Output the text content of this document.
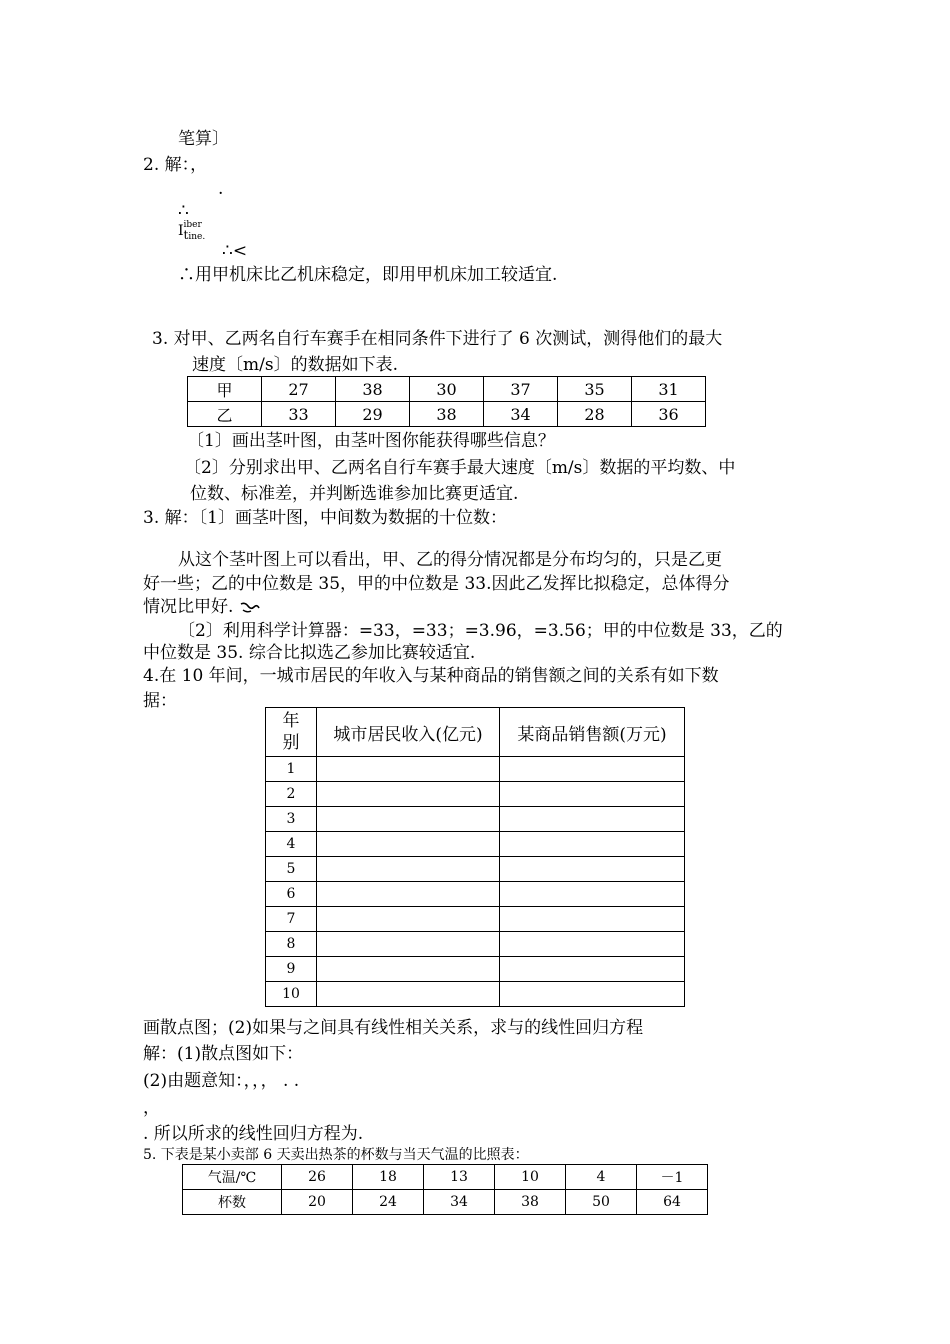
笔算〕
2. 解：，
.
∴
I iber
tine.
∴<
∴用甲机床比乙机床稳定，即用甲机床加工较适宜.
3. 对甲、乙两名自行车赛手在相同条件下进行了 6 次测试，测得他们的最大
速度〔m/s〕的数据如下表.
甲	27	38	30	37	35	31
乙	33	29	38	34	28	36
〔1〕画出茎叶图，由茎叶图你能获得哪些信息？
〔2〕分别求出甲、乙两名自行车赛手最大速度〔m/s〕数据的平均数、中
位数、标准差，并判断选谁参加比赛更适宜.
3. 解：〔1〕画茎叶图，中间数为数据的十位数：
从这个茎叶图上可以看出，甲、乙的得分情况都是分布均匀的，只是乙更
好一些；乙的中位数是 35，甲的中位数是 33.因此乙发挥比拟稳定，总体得分
情况比甲好.
〔2〕利用科学计算器：=33，=33；=3.96，=3.56；甲的中位数是 33，乙的
中位数是 35. 综合比拟选乙参加比赛较适宜.
4.在 10 年间，一城市居民的年收入与某种商品的销售额之间的关系有如下数
据：
年别	城市居民收入(亿元)	某商品销售额(万元)
1		
2		
3		
4		
5		
6		
7		
8		
9		
10		
画散点图；(2)如果与之间具有线性相关关系，求与的线性回归方程
解：(1)散点图如下：
(2)由题意知：，，， . .
，
. 所以所求的线性回归方程为.
5. 下表是某小卖部 6 天卖出热茶的杯数与当天气温的比照表：
气温/℃	26	18	13	10	4	－1
杯数	20	24	34	38	50	64
